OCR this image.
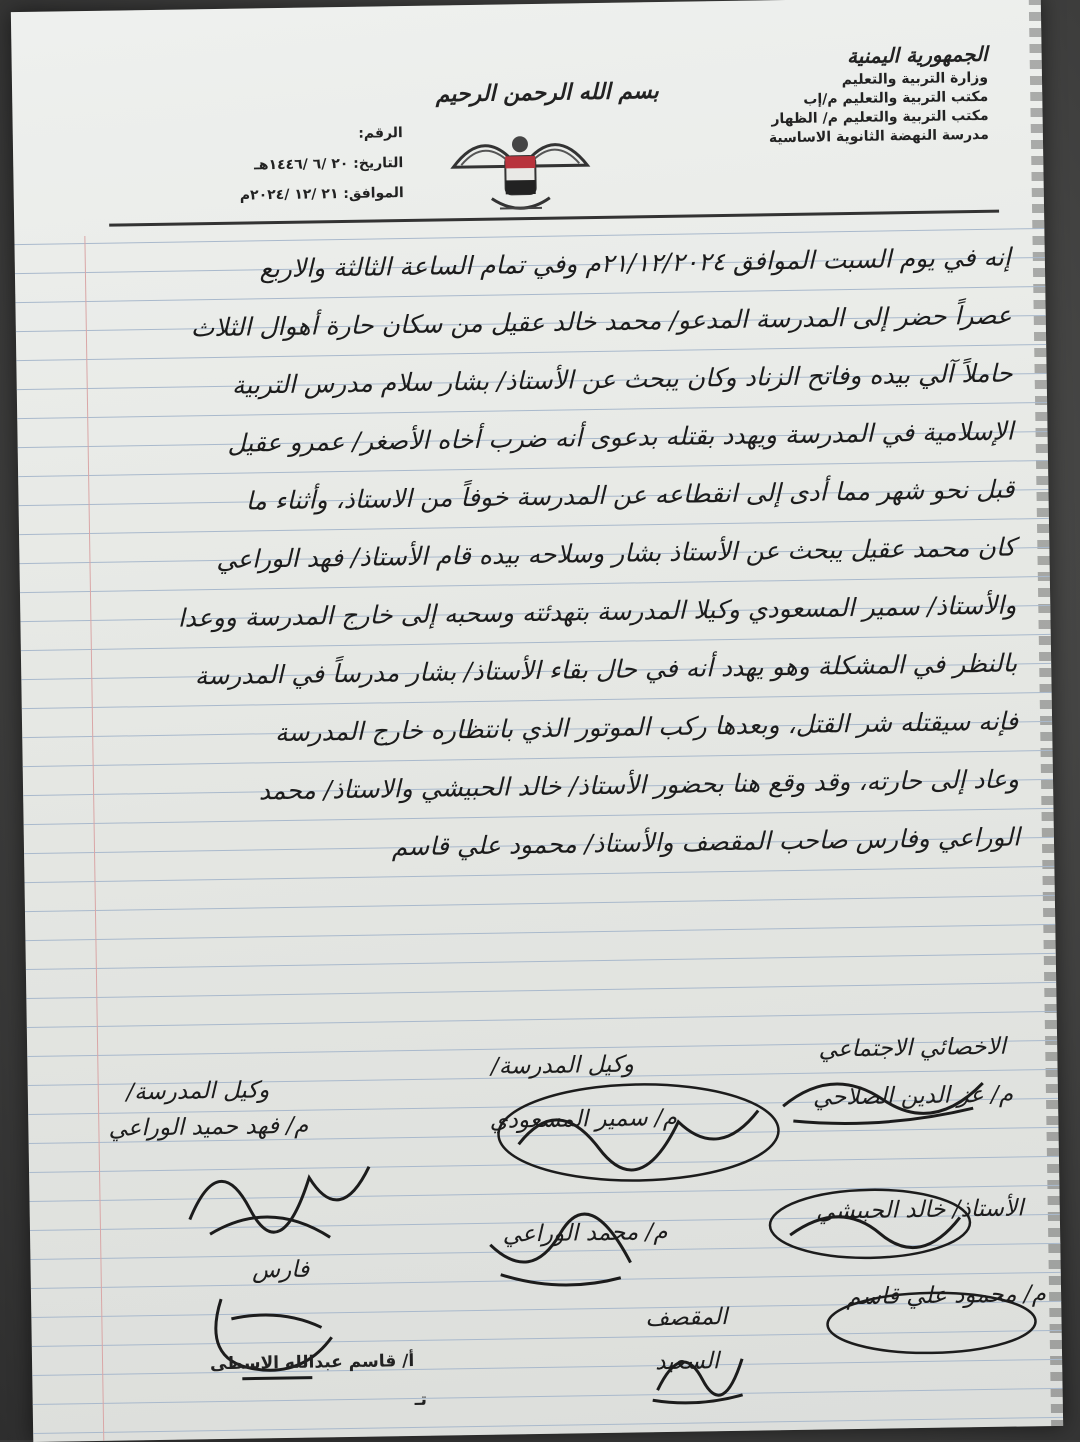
الجمهورية اليمنية
وزارة التربية والتعليم
مكتب التربية والتعليم م/إب
مكتب التربية والتعليم م/ الظهار
مدرسة النهضة الثانوية الاساسية
بسم الله الرحمن الرحيم
الرقم:
التاريخ: ٢٠ /٦ /١٤٤٦هـ
الموافق: ٢١ /١٢ /٢٠٢٤م

إنه في يوم السبت الموافق ٢١/١٢/٢٠٢٤م وفي تمام الساعة الثالثة والاربع

عصراً حضر إلى المدرسة المدعو/ محمد خالد عقيل من سكان حارة أهوال الثلاث

حاملاً آلي بيده وفاتح الزناد وكان يبحث عن الأستاذ/ بشار سلام مدرس التربية

الإسلامية في المدرسة ويهدد بقتله بدعوى أنه ضرب أخاه الأصغر/ عمرو عقيل

قبل نحو شهر مما أدى إلى انقطاعه عن المدرسة خوفاً من الاستاذ، وأثناء ما

كان محمد عقيل يبحث عن الأستاذ بشار وسلاحه بيده قام الأستاذ/ فهد الوراعي

والأستاذ/ سمير المسعودي وكيلا المدرسة بتهدئته وسحبه إلى خارج المدرسة ووعدا

بالنظر في المشكلة وهو يهدد أنه في حال بقاء الأستاذ/ بشار مدرساً في المدرسة

فإنه سيقتله شر القتل، وبعدها ركب الموتور الذي بانتظاره خارج المدرسة

وعاد إلى حارته، وقد وقع هنا بحضور الأستاذ/ خالد الحبيشي والاستاذ/ محمد

الوراعي وفارس صاحب المقصف والأستاذ/ محمود علي قاسم

وكيل المدرسة/
م/ فهد حميد الوراعي
وكيل المدرسة/
م/ سمير المسعودي
الاخصائي الاجتماعي
م/ عز الدين الصلاحي
الأستاذ/ خالد الحبيشي
م/ محمد الوراعي
فارس
م/ محمود علي قاسم
المقصف
السعيد
أ/ قاسم عبدالله الاسطى
تـ
